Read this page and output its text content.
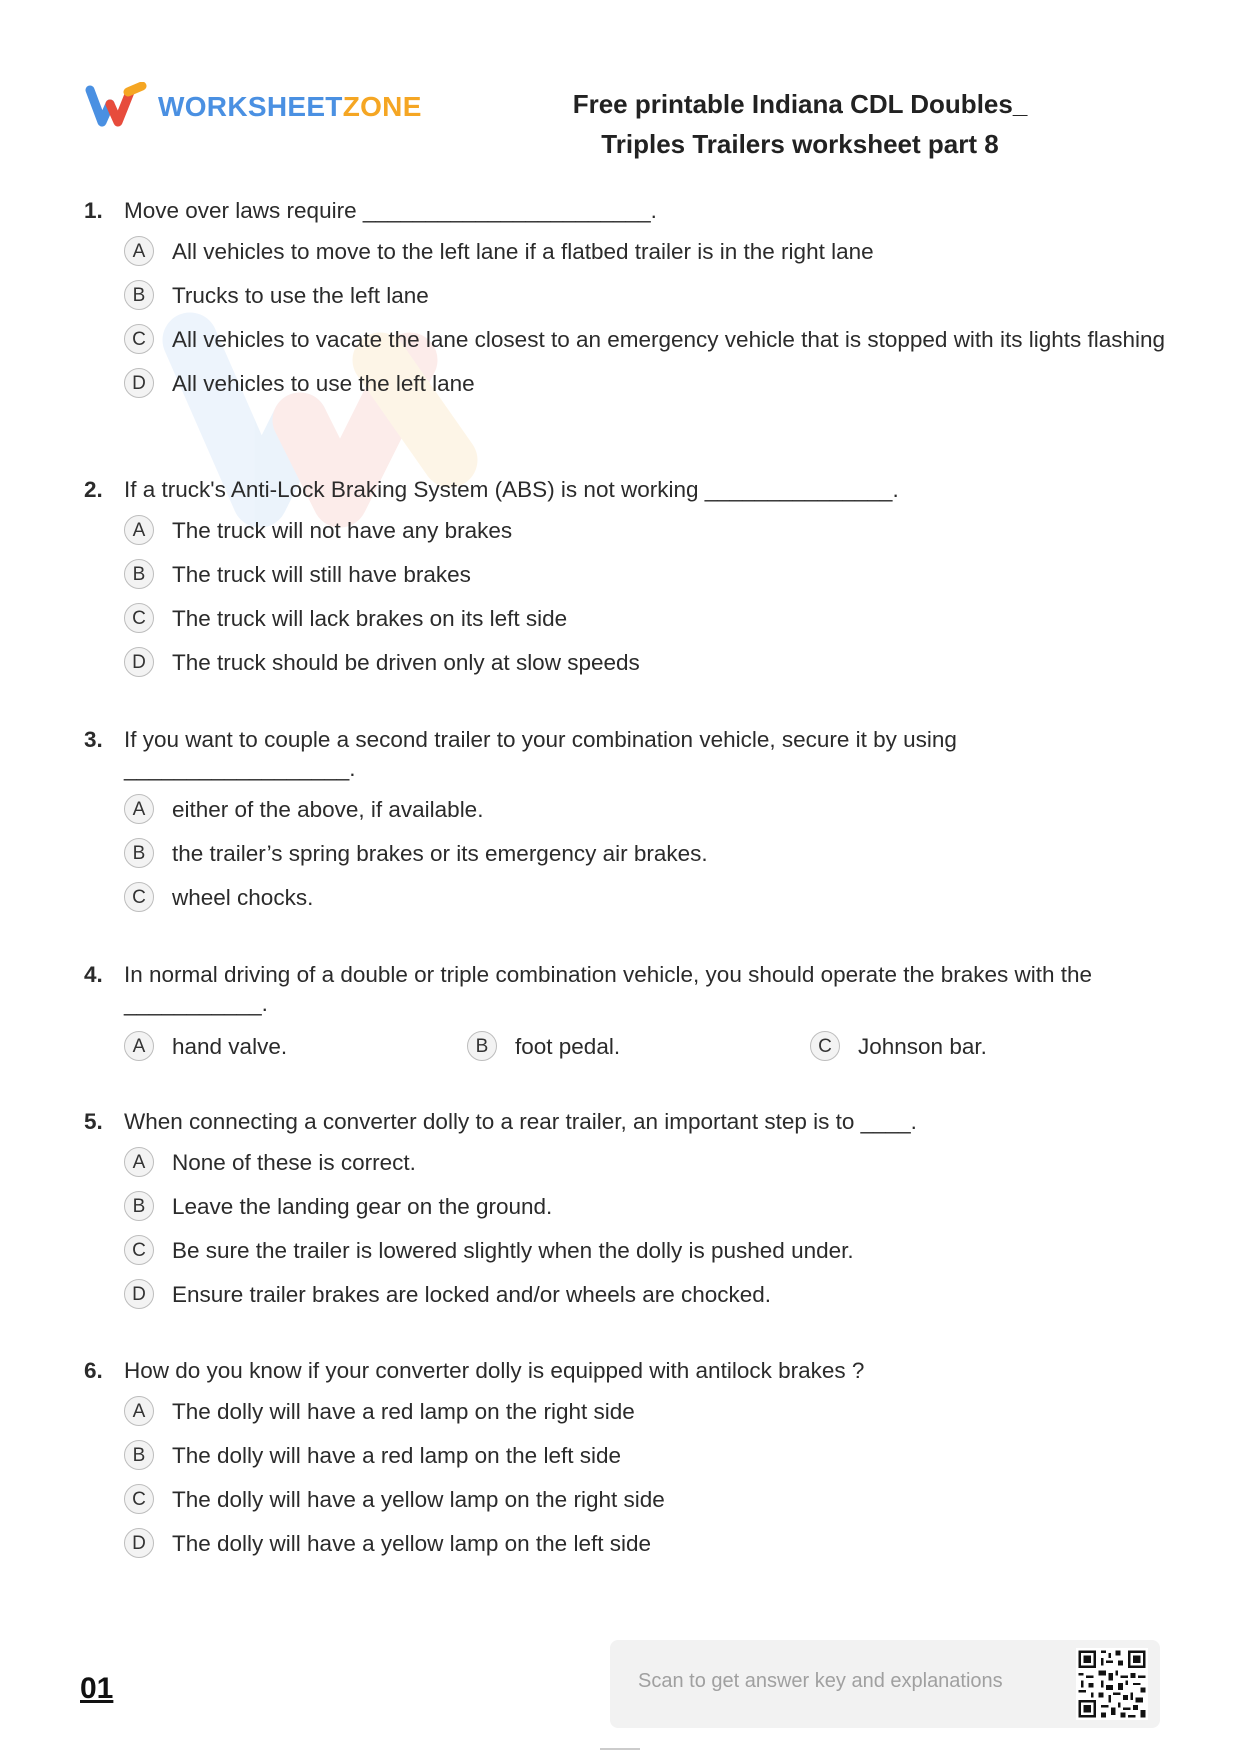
WORKSHEETZONE	Free printable Indiana CDL Doubles_
Triples Trailers worksheet part 8
1. Move over laws require _______________________.
A	All vehicles to move to the left lane if a flatbed trailer is in the right lane
B	Trucks to use the left lane
C	All vehicles to vacate the lane closest to an emergency vehicle that is stopped with its lights flashing
D	All vehicles to use the left lane
2. If a truck's Anti-Lock Braking System (ABS) is not working _______________.
A	The truck will not have any brakes
B	The truck will still have brakes
C	The truck will lack brakes on its left side
D	The truck should be driven only at slow speeds
3. If you want to couple a second trailer to your combination vehicle, secure it by using __________________.
A	either of the above, if available.
B	the trailer’s spring brakes or its emergency air brakes.
C	wheel chocks.
4. In normal driving of a double or triple combination vehicle, you should operate the brakes with the ___________.
A	hand valve.	B	foot pedal.	C	Johnson bar.
5. When connecting a converter dolly to a rear trailer, an important step is to ____.
A	None of these is correct.
B	Leave the landing gear on the ground.
C	Be sure the trailer is lowered slightly when the dolly is pushed under.
D	Ensure trailer brakes are locked and/or wheels are chocked.
6. How do you know if your converter dolly is equipped with antilock brakes ?
A	The dolly will have a red lamp on the right side
B	The dolly will have a red lamp on the left side
C	The dolly will have a yellow lamp on the right side
D	The dolly will have a yellow lamp on the left side
01	Scan to get answer key and explanations
